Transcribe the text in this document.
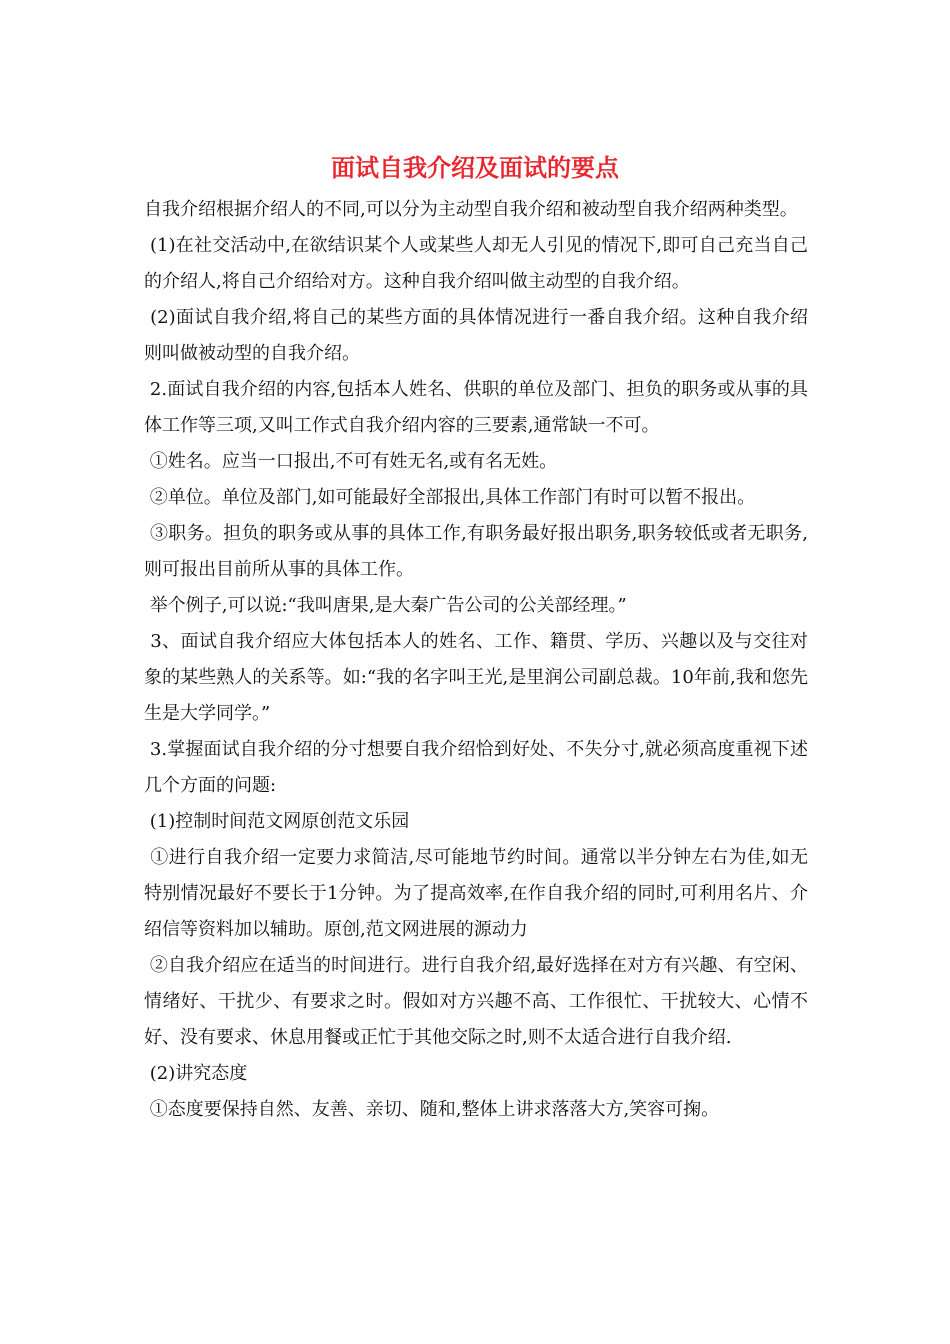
面试自我介绍及面试的要点

自我介绍根据介绍人的不同,可以分为主动型自我介绍和被动型自我介绍两种类型。

(1)在社交活动中,在欲结识某个人或某些人却无人引见的情况下,即可自己充当自己的介绍人,将自己介绍给对方。这种自我介绍叫做主动型的自我介绍。

(2)面试自我介绍,将自己的某些方面的具体情况进行一番自我介绍。这种自我介绍则叫做被动型的自我介绍。

2.面试自我介绍的内容,包括本人姓名、供职的单位及部门、担负的职务或从事的具体工作等三项,又叫工作式自我介绍内容的三要素,通常缺一不可。

①姓名。应当一口报出,不可有姓无名,或有名无姓。

②单位。单位及部门,如可能最好全部报出,具体工作部门有时可以暂不报出。

③职务。担负的职务或从事的具体工作,有职务最好报出职务,职务较低或者无职务,则可报出目前所从事的具体工作。

举个例子,可以说:“我叫唐果,是大秦广告公司的公关部经理。”

3、面试自我介绍应大体包括本人的姓名、工作、籍贯、学历、兴趣以及与交往对象的某些熟人的关系等。如:“我的名字叫王光,是里润公司副总裁。10年前,我和您先生是大学同学。”

3.掌握面试自我介绍的分寸想要自我介绍恰到好处、不失分寸,就必须高度重视下述几个方面的问题:

(1)控制时间范文网原创范文乐园

①进行自我介绍一定要力求简洁,尽可能地节约时间。通常以半分钟左右为佳,如无特别情况最好不要长于1分钟。为了提高效率,在作自我介绍的同时,可利用名片、介绍信等资料加以辅助。原创,范文网进展的源动力

②自我介绍应在适当的时间进行。进行自我介绍,最好选择在对方有兴趣、有空闲、情绪好、干扰少、有要求之时。假如对方兴趣不高、工作很忙、干扰较大、心情不好、没有要求、休息用餐或正忙于其他交际之时,则不太适合进行自我介绍.

(2)讲究态度

①态度要保持自然、友善、亲切、随和,整体上讲求落落大方,笑容可掬。
